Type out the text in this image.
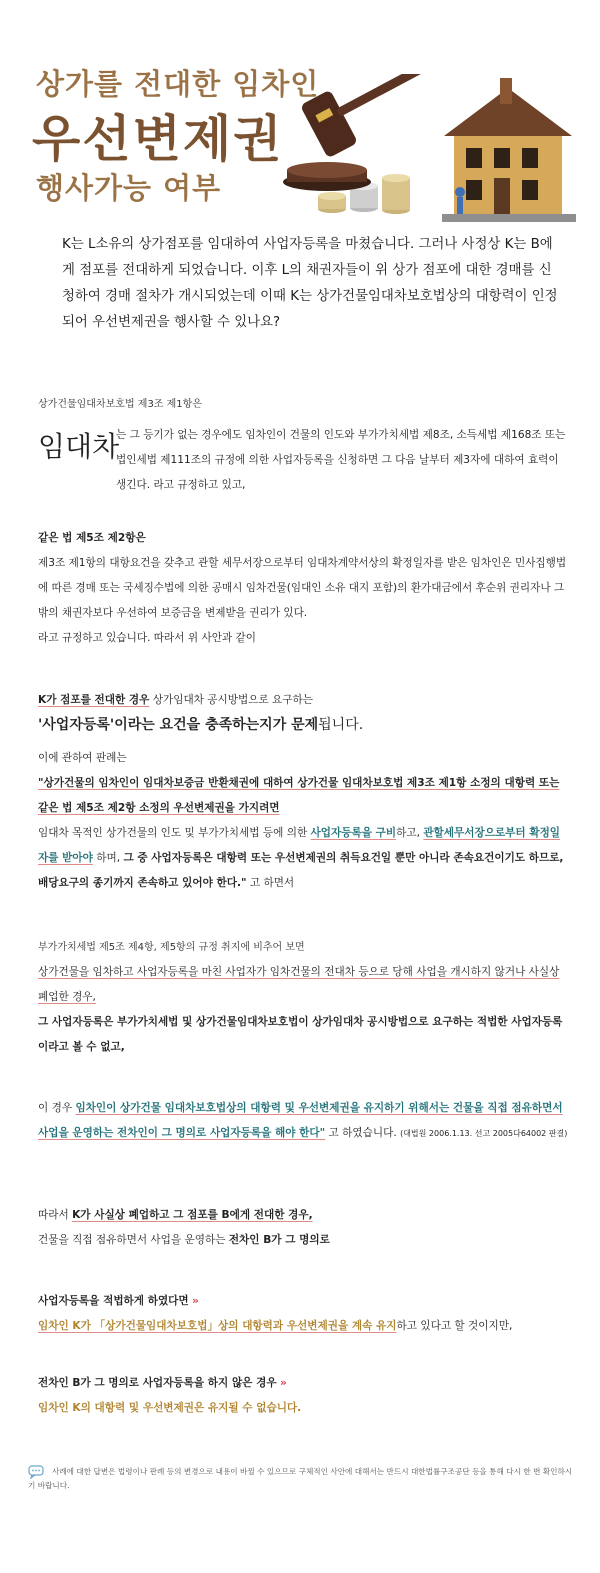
상가를 전대한 임차인
우선변제권
행사가능 여부
K는 L소유의 상가점포를 임대하여 사업자등록을 마쳤습니다. 그러나 사정상 K는 B에게 점포를 전대하게 되었습니다. 이후 L의 채권자들이 위 상가 점포에 대한 경매를 신청하여 경매 절차가 개시되었는데 이때 K는 상가건물임대차보호법상의 대항력이 인정되어 우선변제권을 행사할 수 있나요?
상가건물임대차보호법 제3조 제1항은
임대차
는 그 등기가 없는 경우에도 임차인이 건물의 인도와 부가가치세법 제8조, 소득세법 제168조 또는 법인세법 제111조의 규정에 의한 사업자등록을 신청하면 그 다음 날부터 제3자에 대하여 효력이 생긴다. 라고 규정하고 있고,
같은 법 제5조 제2항은
제3조 제1항의 대항요건을 갖추고 관할 세무서장으로부터 임대차계약서상의 확정일자를 받은 임차인은 민사집행법에 따른 경매 또는 국세징수법에 의한 공매시 임차건물(임대인 소유 대지 포함)의 환가대금에서 후순위 권리자나 그 밖의 채권자보다 우선하여 보증금을 변제받을 권리가 있다.
라고 규정하고 있습니다. 따라서 위 사안과 같이
K가 점포를 전대한 경우 상가임대차 공시방법으로 요구하는
'사업자등록'이라는 요건을 충족하는지가 문제됩니다.
이에 관하여 판례는
"상가건물의 임차인이 임대차보증금 반환채권에 대하여 상가건물 임대차보호법 제3조 제1항 소정의 대항력 또는 같은 법 제5조 제2항 소정의 우선변제권을 가지려면
임대차 목적인 상가건물의 인도 및 부가가치세법 등에 의한 사업자등록을 구비하고, 관할세무서장으로부터 확정일자를 받아야 하며, 그 중 사업자등록은 대항력 또는 우선변제권의 취득요건일 뿐만 아니라 존속요건이기도 하므로, 배당요구의 종기까지 존속하고 있어야 한다." 고 하면서
부가가치세법 제5조 제4항, 제5항의 규정 취지에 비추어 보면
상가건물을 임차하고 사업자등록을 마친 사업자가 임차건물의 전대차 등으로 당해 사업을 개시하지 않거나 사실상 폐업한 경우,
그 사업자등록은 부가가치세법 및 상가건물임대차보호법이 상가임대차 공시방법으로 요구하는 적법한 사업자등록이라고 볼 수 없고,
이 경우 임차인이 상가건물 임대차보호법상의 대항력 및 우선변제권을 유지하기 위해서는 건물을 직접 점유하면서 사업을 운영하는 전차인이 그 명의로 사업자등록을 해야 한다" 고 하였습니다. (대법원 2006.1.13. 선고 2005다64002 판결)
따라서 K가 사실상 폐업하고 그 점포를 B에게 전대한 경우,
건물을 직접 점유하면서 사업을 운영하는 전차인 B가 그 명의로
사업자등록을 적법하게 하였다면 »
임차인 K가 「상가건물임대차보호법」상의 대항력과 우선변제권을 계속 유지하고 있다고 할 것이지만,
전차인 B가 그 명의로 사업자등록을 하지 않은 경우 »
임차인 K의 대항력 및 우선변제권은 유지될 수 없습니다.
사례에 대한 답변은 법령이나 판례 등의 변경으로 내용이 바뀔 수 있으므로 구체적인 사안에 대해서는 반드시 대한법률구조공단 등을 통해 다시 한 번 확인하시기 바랍니다.
